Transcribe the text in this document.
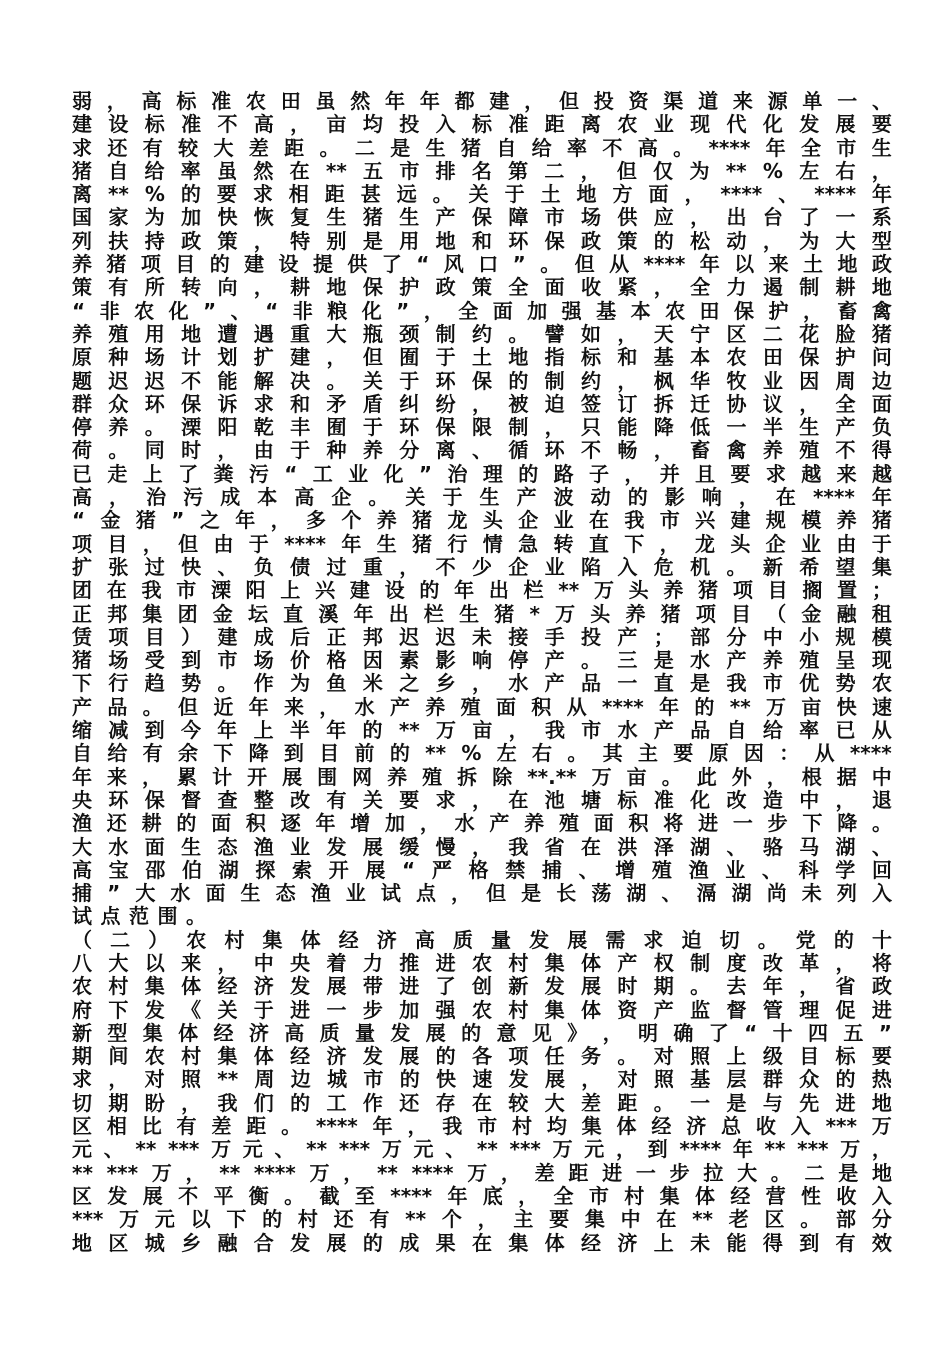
弱 ， 高 标 准 农 田 虽 然 年 年 都 建 ， 但 投 资 渠 道 来 源 单 一 、
建 设 标 准 不 高 ， 亩 均 投 入 标 准 距 离 农 业 现 代 化 发 展 要
求 还 有 较 大 差 距 。 二 是 生 猪 自 给 率 不 高 。 **** 年 全 市 生
猪 自 给 率 虽 然 在 ** 五 市 排 名 第 二 ， 但 仅 为 ** % 左 右 ，
离 ** % 的 要 求 相 距 甚 远 。 关 于 土 地 方 面 ， **** 、 **** 年
国 家 为 加 快 恢 复 生 猪 生 产 保 障 市 场 供 应 ， 出 台 了 一 系
列 扶 持 政 策 ， 特 别 是 用 地 和 环 保 政 策 的 松 动 ， 为 大 型
养 猪 项 目 的 建 设 提 供 了 “ 风 口 ” 。 但 从 **** 年 以 来 土 地 政
策 有 所 转 向 ， 耕 地 保 护 政 策 全 面 收 紧 ， 全 力 遏 制 耕 地
“ 非 农 化 ” 、 “ 非 粮 化 ” ， 全 面 加 强 基 本 农 田 保 护 ， 畜 禽
养 殖 用 地 遭 遇 重 大 瓶 颈 制 约 。 譬 如 ， 天 宁 区 二 花 脸 猪
原 种 场 计 划 扩 建 ， 但 囿 于 土 地 指 标 和 基 本 农 田 保 护 问
题 迟 迟 不 能 解 决 。 关 于 环 保 的 制 约 ， 枫 华 牧 业 因 周 边
群 众 环 保 诉 求 和 矛 盾 纠 纷 ， 被 迫 签 订 拆 迁 协 议 ， 全 面
停 养 。 溧 阳 乾 丰 囿 于 环 保 限 制 ， 只 能 降 低 一 半 生 产 负
荷 。 同 时 ， 由 于 种 养 分 离 、 循 环 不 畅 ， 畜 禽 养 殖 不 得
已 走 上 了 粪 污 “ 工 业 化 ” 治 理 的 路 子 ， 并 且 要 求 越 来 越
高 ， 治 污 成 本 高 企 。 关 于 生 产 波 动 的 影 响 ， 在 **** 年
“ 金 猪 ” 之 年 ， 多 个 养 猪 龙 头 企 业 在 我 市 兴 建 规 模 养 猪
项 目 ， 但 由 于 **** 年 生 猪 行 情 急 转 直 下 ， 龙 头 企 业 由 于
扩 张 过 快 、 负 债 过 重 ， 不 少 企 业 陷 入 危 机 。 新 希 望 集
团 在 我 市 溧 阳 上 兴 建 设 的 年 出 栏 ** 万 头 养 猪 项 目 搁 置 ；
正 邦 集 团 金 坛 直 溪 年 出 栏 生 猪 * 万 头 养 猪 项 目 （ 金 融 租
赁 项 目 ） 建 成 后 正 邦 迟 迟 未 接 手 投 产 ； 部 分 中 小 规 模
猪 场 受 到 市 场 价 格 因 素 影 响 停 产 。 三 是 水 产 养 殖 呈 现
下 行 趋 势 。 作 为 鱼 米 之 乡 ， 水 产 品 一 直 是 我 市 优 势 农
产 品 。 但 近 年 来 ， 水 产 养 殖 面 积 从 **** 年 的 ** 万 亩 快 速
缩 减 到 今 年 上 半 年 的 ** 万 亩 ， 我 市 水 产 品 自 给 率 已 从
自 给 有 余 下 降 到 目 前 的 ** % 左 右 。 其 主 要 原 因 ： 从 ****
年 来 ， 累 计 开 展 围 网 养 殖 拆 除 **.** 万 亩 。 此 外 ， 根 据 中
央 环 保 督 查 整 改 有 关 要 求 ， 在 池 塘 标 准 化 改 造 中 ， 退
渔 还 耕 的 面 积 逐 年 增 加 ， 水 产 养 殖 面 积 将 进 一 步 下 降 。
大 水 面 生 态 渔 业 发 展 缓 慢 ， 我 省 在 洪 泽 湖 、 骆 马 湖 、
高 宝 邵 伯 湖 探 索 开 展 “ 严 格 禁 捕 、 增 殖 渔 业 、 科 学 回
捕 ” 大 水 面 生 态 渔 业 试 点 ， 但 是 长 荡 湖 、 滆 湖 尚 未 列 入
试 点 范 围 。
（ 二 ） 农 村 集 体 经 济 高 质 量 发 展 需 求 迫 切 。 党 的 十
八 大 以 来 ， 中 央 着 力 推 进 农 村 集 体 产 权 制 度 改 革 ， 将
农 村 集 体 经 济 发 展 带 进 了 创 新 发 展 时 期 。 去 年 ， 省 政
府 下 发 《 关 于 进 一 步 加 强 农 村 集 体 资 产 监 督 管 理 促 进
新 型 集 体 经 济 高 质 量 发 展 的 意 见 》 ， 明 确 了 “ 十 四 五 ”
期 间 农 村 集 体 经 济 发 展 的 各 项 任 务 。 对 照 上 级 目 标 要
求 ， 对 照 ** 周 边 城 市 的 快 速 发 展 ， 对 照 基 层 群 众 的 热
切 期 盼 ， 我 们 的 工 作 还 存 在 较 大 差 距 。 一 是 与 先 进 地
区 相 比 有 差 距 。 **** 年 ， 我 市 村 均 集 体 经 济 总 收 入 *** 万
元 、 ** *** 万 元 、 ** *** 万 元 、 ** *** 万 元 ， 到 **** 年 ** *** 万 ，
** *** 万 ， ** **** 万 ， ** **** 万 ， 差 距 进 一 步 拉 大 。 二 是 地
区 发 展 不 平 衡 。 截 至 **** 年 底 ， 全 市 村 集 体 经 营 性 收 入
*** 万 元 以 下 的 村 还 有 ** 个 ， 主 要 集 中 在 ** 老 区 。 部 分
地 区 城 乡 融 合 发 展 的 成 果 在 集 体 经 济 上 未 能 得 到 有 效
